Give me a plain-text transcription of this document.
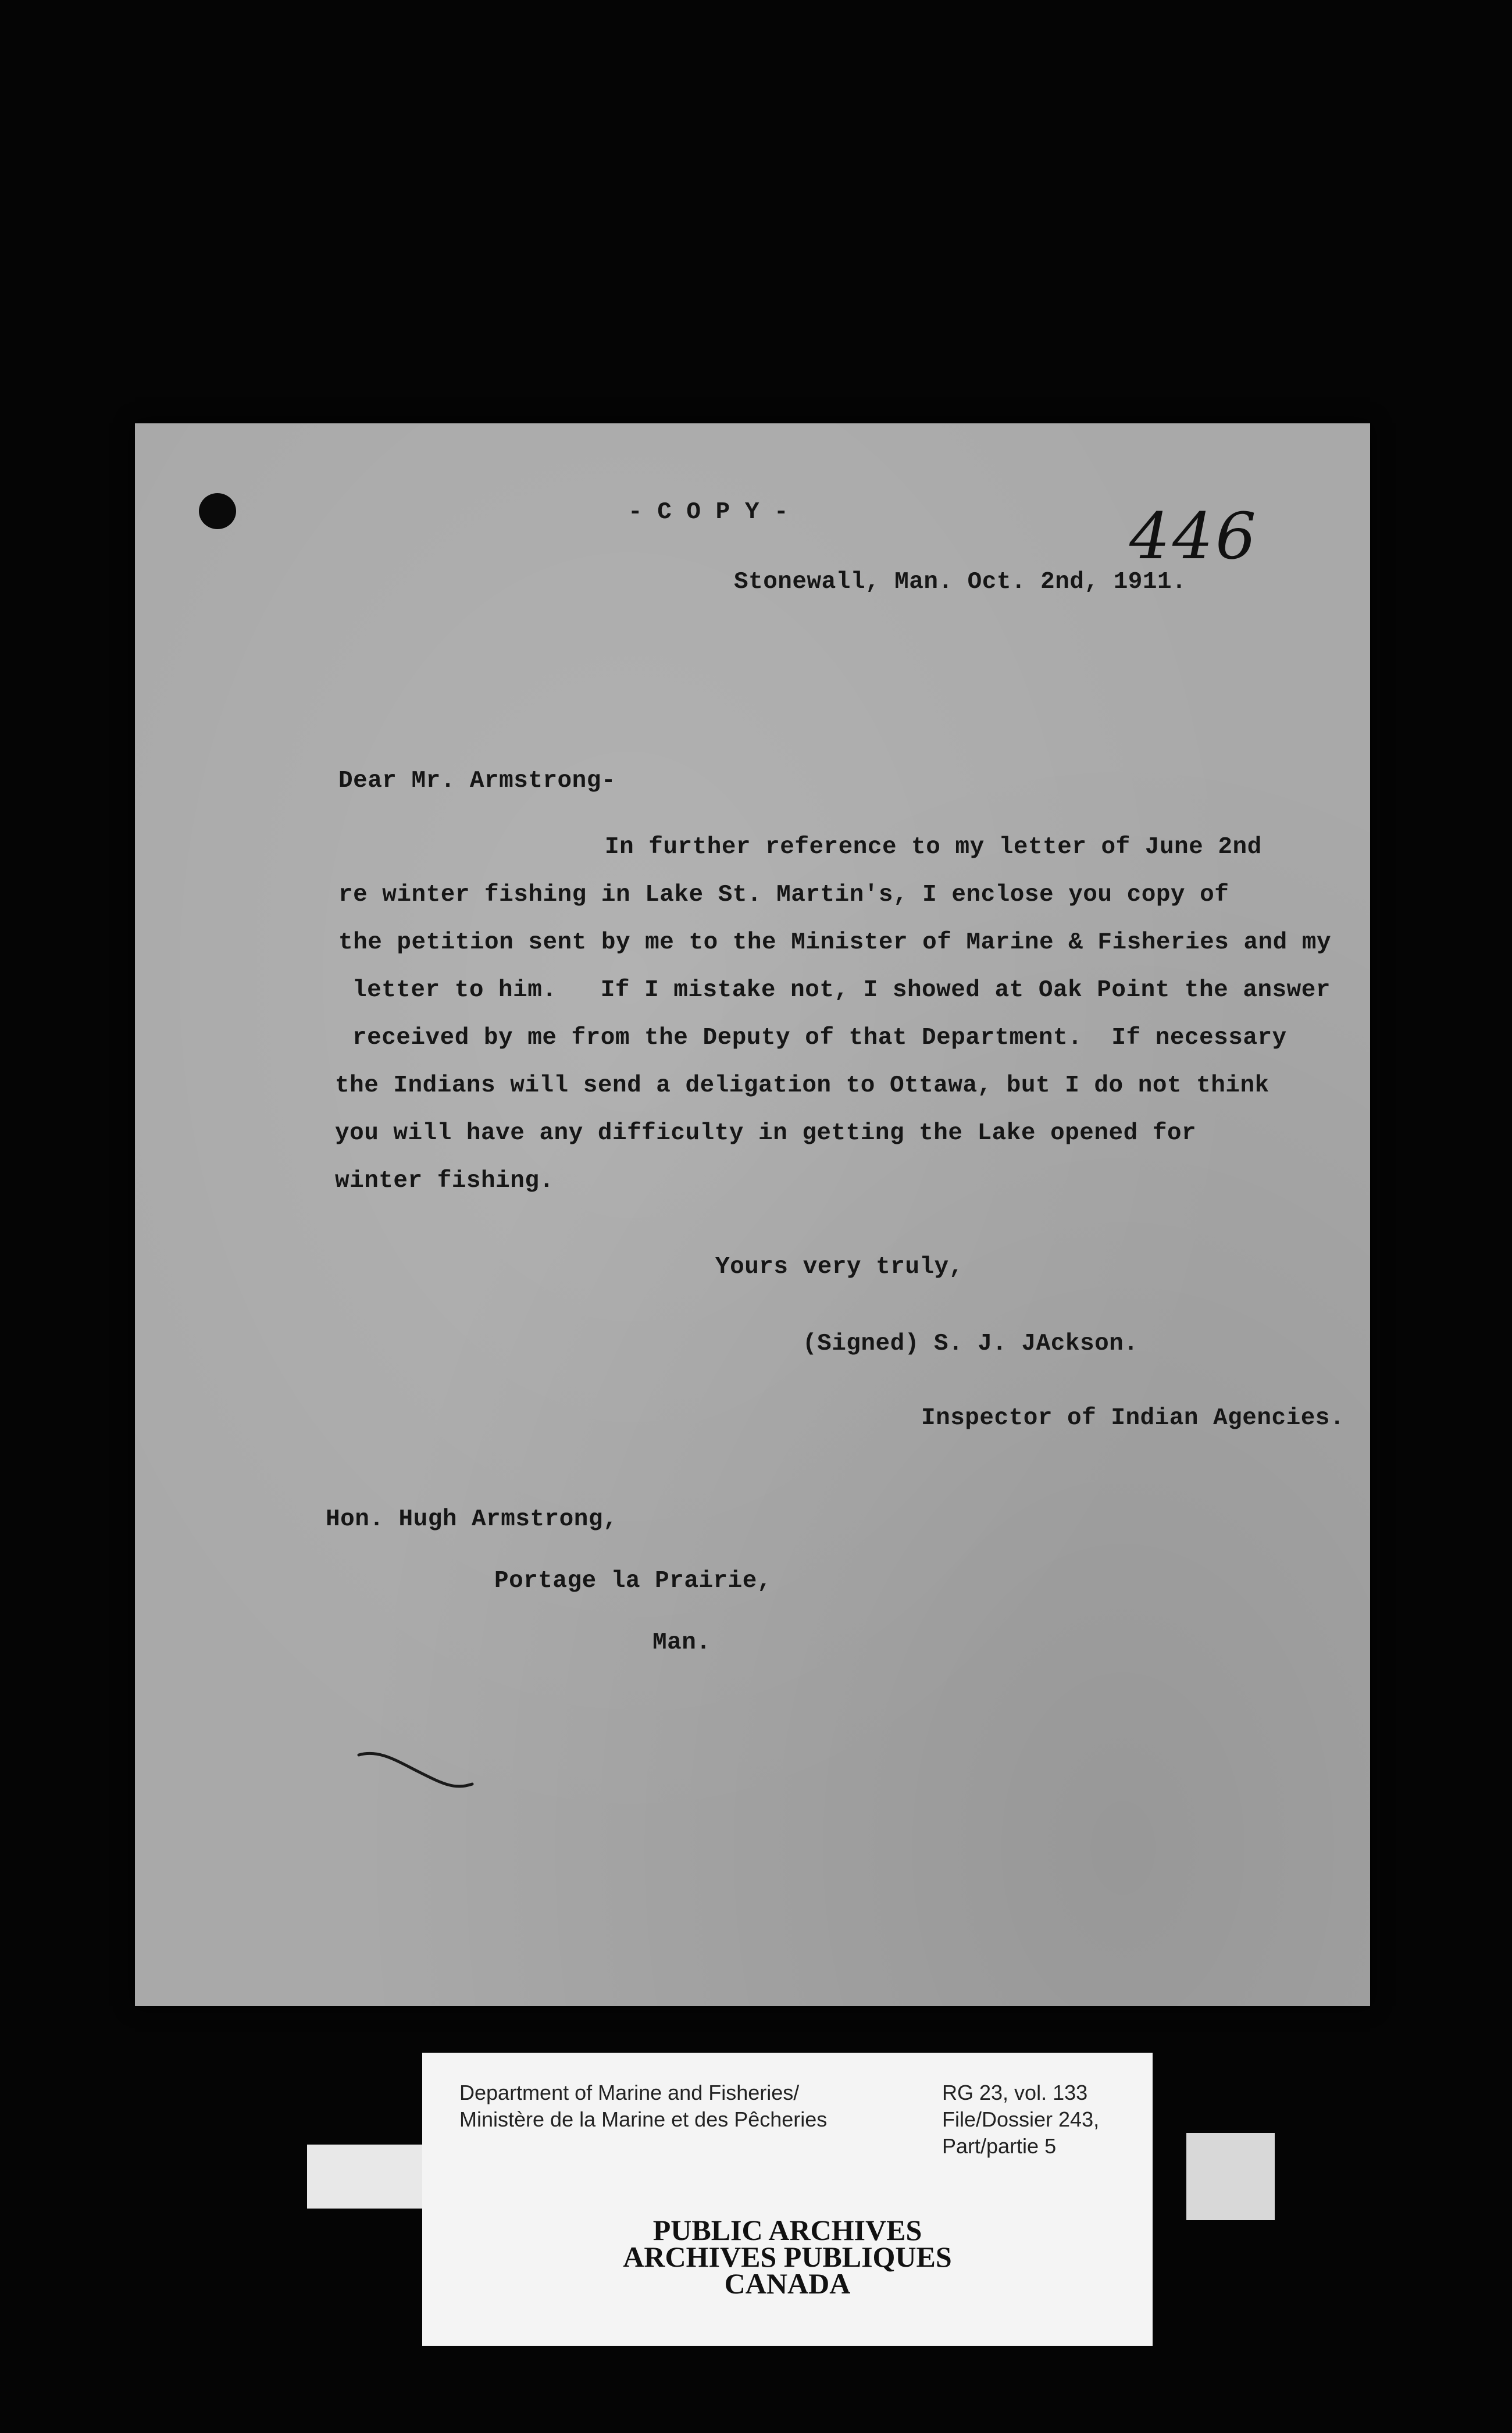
- C O P Y -	446
Stonewall, Man. Oct. 2nd, 1911.
Dear Mr. Armstrong-
In further reference to my letter of June 2nd
re winter fishing in Lake St. Martin's, I enclose you copy of
the petition sent by me to the Minister of Marine & Fisheries and my
letter to him.   If I mistake not, I showed at Oak Point the answer
received by me from the Deputy of that Department.  If necessary
the Indians will send a deligation to Ottawa, but I do not think
you will have any difficulty in getting the Lake opened for
winter fishing.
Yours very truly,
(Signed) S. J. JAckson.
Inspector of Indian Agencies.
Hon. Hugh Armstrong,
Portage la Prairie,
Man.
Department of Marine and Fisheries/
Ministère de la Marine et des Pêcheries
RG 23, vol. 133
File/Dossier 243,
Part/partie 5
PUBLIC ARCHIVES
ARCHIVES PUBLIQUES
CANADA
